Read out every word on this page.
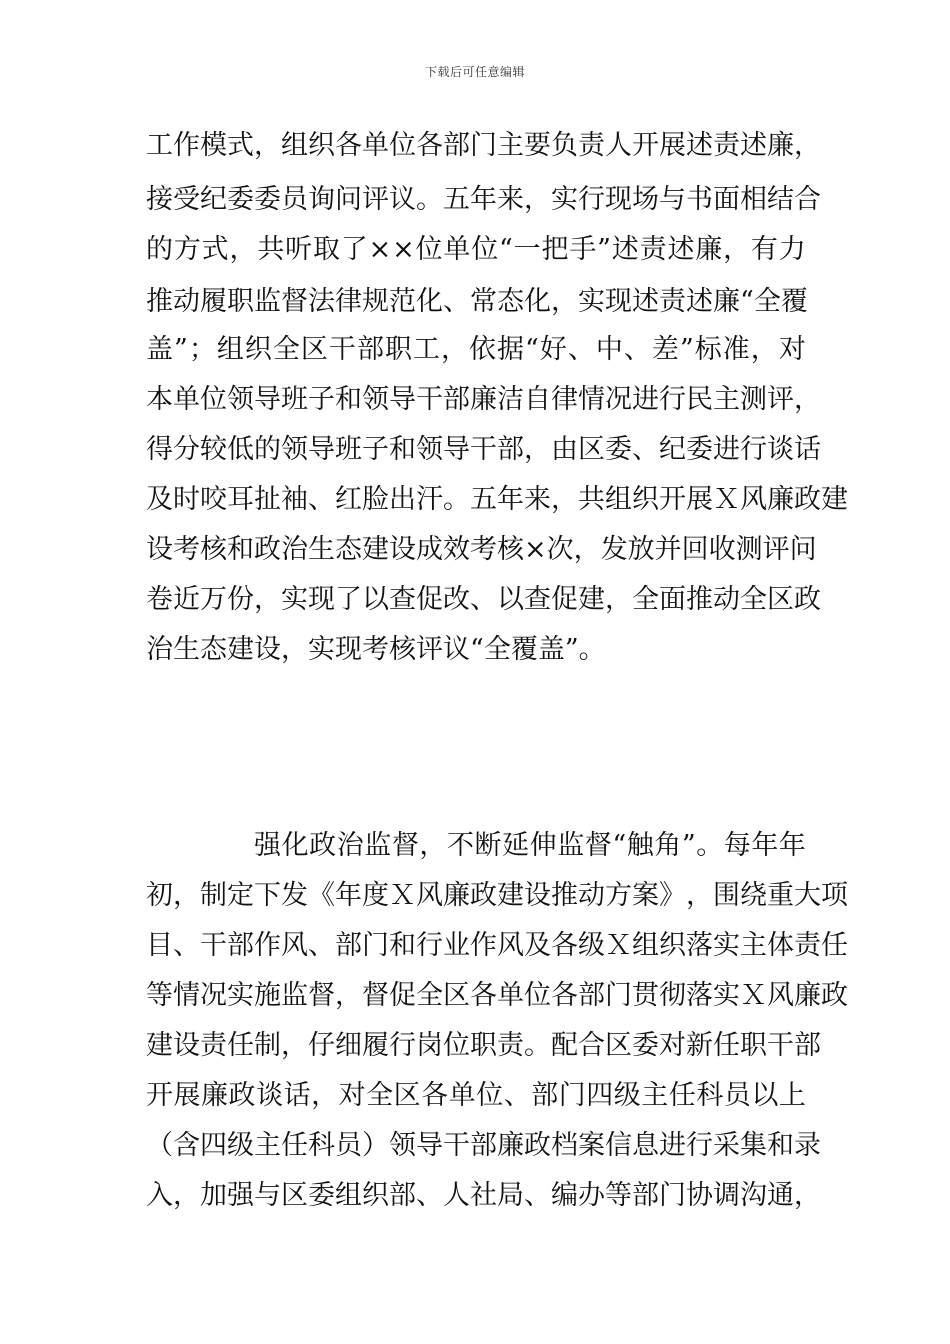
下载后可任意编辑
工 作 模 式 ， 组 织 各 单 位 各 部 门 主 要 负 责 人 开 展 述 责 述 廉 ，
接 受 纪 委 委 员 询 问 评 议 。 五 年 来 ， 实 行 现 场 与 书 面 相 结 合
的 方 式 ， 共 听 取 了 × × 位 单 位 “ 一 把 手 ” 述 责 述 廉 ， 有 力
推 动 履 职 监 督 法 律 规 范 化 、 常 态 化 ， 实 现 述 责 述 廉 “ 全 覆
盖 ” ； 组 织 全 区 干 部 职 工 ， 依 据 “ 好 、 中 、 差 ” 标 准 ， 对
本 单 位 领 导 班 子 和 领 导 干 部 廉 洁 自 律 情 况 进 行 民 主 测 评 ，
得 分 较 低 的 领 导 班 子 和 领 导 干 部 ， 由 区 委 、 纪 委 进 行 谈 话
及 时 咬 耳 扯 袖 、 红 脸 出 汗 。 五 年 来 ， 共 组 织 开 展 Ｘ 风 廉 政 建
设 考 核 和 政 治 生 态 建 设 成 效 考 核 × 次 ， 发 放 并 回 收 测 评 问
卷 近 万 份 ， 实 现 了 以 查 促 改 、 以 查 促 建 ， 全 面 推 动 全 区 政
治 生 态 建 设 ， 实 现 考 核 评 议 “ 全 覆 盖 ” 。
强 化 政 治 监 督 ， 不 断 延 伸 监 督 “ 触 角 ” 。 每 年 年
初 ， 制 定 下 发 《 年 度 Ｘ 风 廉 政 建 设 推 动 方 案 》 ， 围 绕 重 大 项
目 、 干 部 作 风 、 部 门 和 行 业 作 风 及 各 级 Ｘ 组 织 落 实 主 体 责 任
等 情 况 实 施 监 督 ， 督 促 全 区 各 单 位 各 部 门 贯 彻 落 实 Ｘ 风 廉 政
建 设 责 任 制 ， 仔 细 履 行 岗 位 职 责 。 配 合 区 委 对 新 任 职 干 部
开 展 廉 政 谈 话 ， 对 全 区 各 单 位 、 部 门 四 级 主 任 科 员 以 上
（ 含 四 级 主 任 科 员 ） 领 导 干 部 廉 政 档 案 信 息 进 行 采 集 和 录
入 ， 加 强 与 区 委 组 织 部 、 人 社 局 、 编 办 等 部 门 协 调 沟 通 ，
